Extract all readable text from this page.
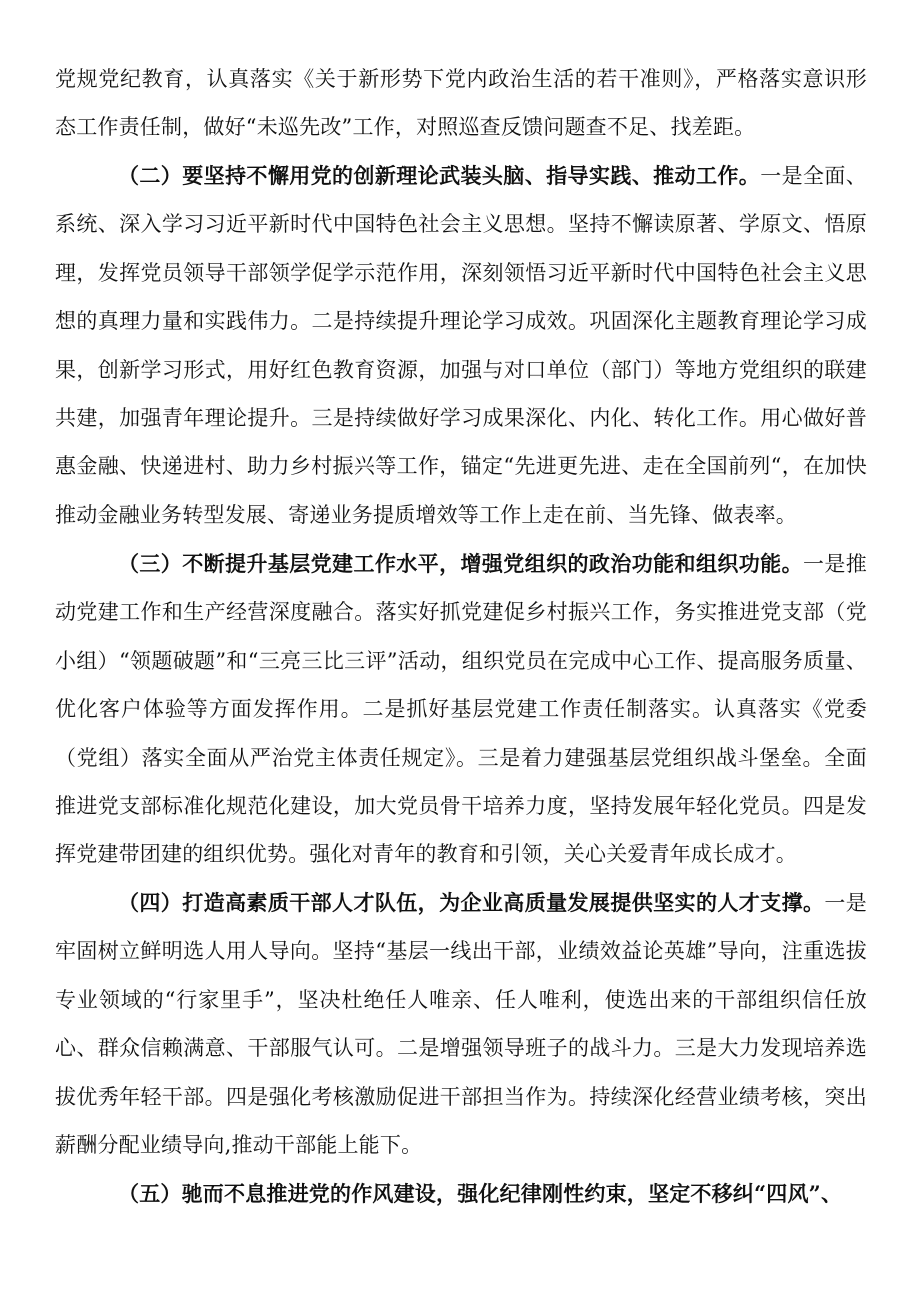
党规党纪教育，认真落实《关于新形势下党内政治生活的若干准则》，严格落实意识形态工作责任制，做好“未巡先改”工作，对照巡查反馈问题查不足、找差距。

（二）要坚持不懈用党的创新理论武装头脑、指导实践、推动工作。一是全面、系统、深入学习习近平新时代中国特色社会主义思想。坚持不懈读原著、学原文、悟原理，发挥党员领导干部领学促学示范作用，深刻领悟习近平新时代中国特色社会主义思想的真理力量和实践伟力。二是持续提升理论学习成效。巩固深化主题教育理论学习成果，创新学习形式，用好红色教育资源，加强与对口单位（部门）等地方党组织的联建共建，加强青年理论提升。三是持续做好学习成果深化、内化、转化工作。用心做好普惠金融、快递进村、助力乡村振兴等工作，锚定“先进更先进、走在全国前列“，在加快推动金融业务转型发展、寄递业务提质增效等工作上走在前、当先锋、做表率。

（三）不断提升基层党建工作水平，增强党组织的政治功能和组织功能。一是推动党建工作和生产经营深度融合。落实好抓党建促乡村振兴工作，务实推进党支部（党小组）“领题破题”和“三亮三比三评”活动，组织党员在完成中心工作、提高服务质量、优化客户体验等方面发挥作用。二是抓好基层党建工作责任制落实。认真落实《党委（党组）落实全面从严治党主体责任规定》。三是着力建强基层党组织战斗堡垒。全面推进党支部标准化规范化建设，加大党员骨干培养力度，坚持发展年轻化党员。四是发挥党建带团建的组织优势。强化对青年的教育和引领，关心关爱青年成长成才。

（四）打造高素质干部人才队伍，为企业高质量发展提供坚实的人才支撑。一是牢固树立鲜明选人用人导向。坚持“基层一线出干部，业绩效益论英雄”导向，注重选拔专业领域的“行家里手”，坚决杜绝任人唯亲、任人唯利，使选出来的干部组织信任放心、群众信赖满意、干部服气认可。二是增强领导班子的战斗力。三是大力发现培养选拔优秀年轻干部。四是强化考核激励促进干部担当作为。持续深化经营业绩考核，突出薪酬分配业绩导向,推动干部能上能下。

（五）驰而不息推进党的作风建设，强化纪律刚性约束，坚定不移纠“四风”、
